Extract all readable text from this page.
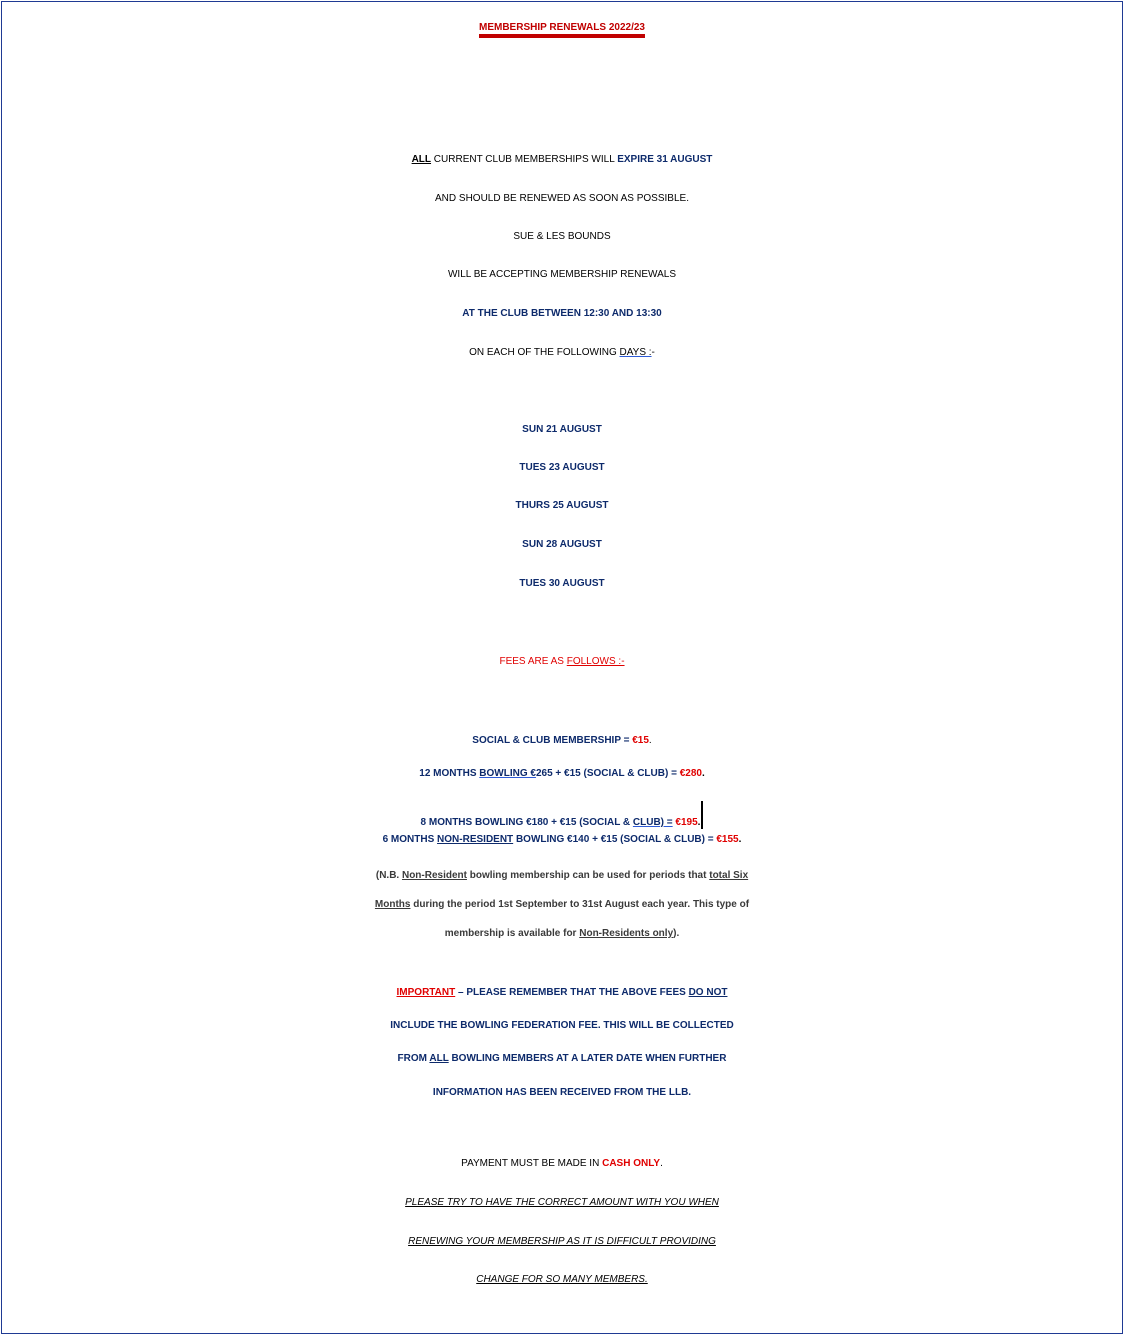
MEMBERSHIP RENEWALS 2022/23
ALL CURRENT CLUB MEMBERSHIPS WILL EXPIRE 31 AUGUST
AND SHOULD BE RENEWED AS SOON AS POSSIBLE.
SUE & LES BOUNDS
WILL BE ACCEPTING MEMBERSHIP RENEWALS
AT THE CLUB BETWEEN 12:30 AND 13:30
ON EACH OF THE FOLLOWING DAYS :-
SUN 21 AUGUST
TUES 23 AUGUST
THURS 25 AUGUST
SUN 28 AUGUST
TUES 30 AUGUST
FEES ARE AS FOLLOWS :-
SOCIAL & CLUB MEMBERSHIP = €15.
12 MONTHS BOWLING €265 + €15 (SOCIAL & CLUB) = €280.
8 MONTHS BOWLING €180 + €15 (SOCIAL & CLUB) = €195.
6 MONTHS NON-RESIDENT BOWLING €140 + €15 (SOCIAL & CLUB) = €155.
(N.B. Non-Resident bowling membership can be used for periods that total Six
Months during the period 1st September to 31st August each year. This type of
membership is available for Non-Residents only).
IMPORTANT – PLEASE REMEMBER THAT THE ABOVE FEES DO NOT
INCLUDE THE BOWLING FEDERATION FEE. THIS WILL BE COLLECTED
FROM ALL BOWLING MEMBERS AT A LATER DATE WHEN FURTHER
INFORMATION HAS BEEN RECEIVED FROM THE LLB.
PAYMENT MUST BE MADE IN CASH ONLY.
PLEASE TRY TO HAVE THE CORRECT AMOUNT WITH YOU WHEN
RENEWING YOUR MEMBERSHIP AS IT IS DIFFICULT PROVIDING
CHANGE FOR SO MANY MEMBERS.
